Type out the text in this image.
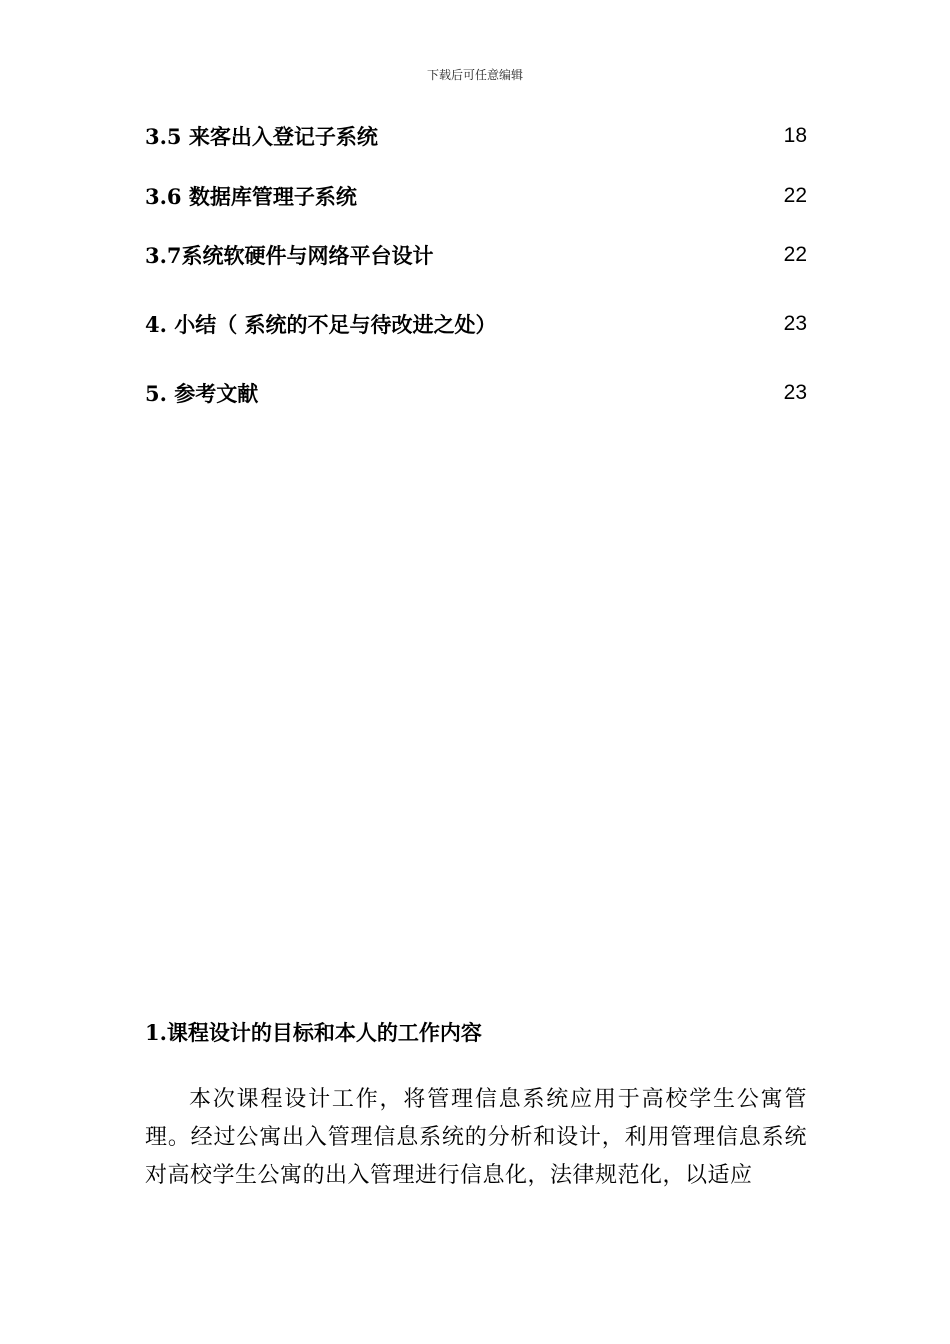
下载后可任意编辑
3.5 来客出入登记子系统	18
3.6 数据库管理子系统	22
3.7系统软硬件与网络平台设计	22
4. 小结（ 系统的不足与待改进之处）	23
5. 参考文献	23
1.课程设计的目标和本人的工作内容

本次课程设计工作，将管理信息系统应用于高校学生公寓管理。经过公寓出入管理信息系统的分析和设计，利用管理信息系统对高校学生公寓的出入管理进行信息化，法律规范化，以适应
